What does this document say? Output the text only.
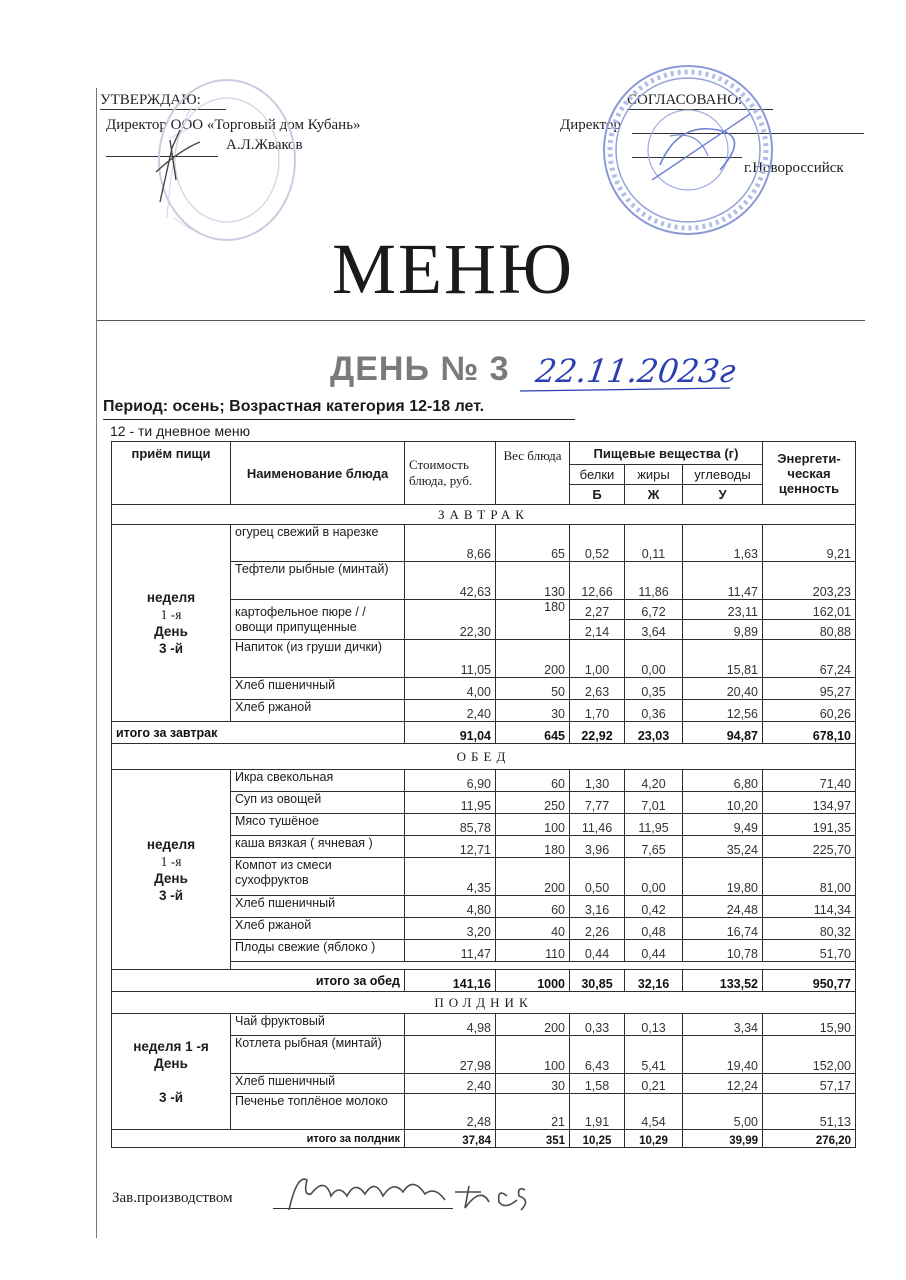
УТВЕРЖДАЮ:
Директор ООО «Торговый дом Кубань»
А.Л.Жваков
СОГЛАСОВАНО:
Директор
г.Новороссийск
МЕНЮ
ДЕНЬ № 3 22.11.2023г
Период: осень; Возрастная категория 12-18 лет.
12 - ти дневное меню
приём пищи	Наименование блюда	Стоимость блюда, руб.	Вес блюда	Пищевые вещества (г)			Энергети-ческая ценность
				белки	жиры	углеводы	
				Б	Ж	У	
ЗАВТРАК							
неделя
1 -я
День
3 -й	огурец свежий в нарезке	8,66	65	0,52	0,11	1,63	9,21
	Тефтели рыбные (минтай)	42,63	130	12,66	11,86	11,47	203,23
	картофельное пюре / / овощи припущенные	22,30	180	2,27	6,72	23,11	162,01
				2,14	3,64	9,89	80,88
	Напиток (из груши дички)	11,05	200	1,00	0,00	15,81	67,24
	Хлеб пшеничный	4,00	50	2,63	0,35	20,40	95,27
	Хлеб ржаной	2,40	30	1,70	0,36	12,56	60,26
итого за завтрак		91,04	645	22,92	23,03	94,87	678,10
ОБЕД							
неделя
1 -я
День
3 -й	Икра свекольная	6,90	60	1,30	4,20	6,80	71,40
	Суп из овощей	11,95	250	7,77	7,01	10,20	134,97
	Мясо тушёное	85,78	100	11,46	11,95	9,49	191,35
	каша вязкая ( ячневая )	12,71	180	3,96	7,65	35,24	225,70
	Компот из смеси сухофруктов	4,35	200	0,50	0,00	19,80	81,00
	Хлеб пшеничный	4,80	60	3,16	0,42	24,48	114,34
	Хлеб ржаной	3,20	40	2,26	0,48	16,74	80,32
	Плоды свежие (яблоко )	11,47	110	0,44	0,44	10,78	51,70

итого за обед		141,16	1000	30,85	32,16	133,52	950,77
ПОЛДНИК							
неделя 1 -я
День

3 -й	Чай фруктовый	4,98	200	0,33	0,13	3,34	15,90
	Котлета рыбная (минтай)	27,98	100	6,43	5,41	19,40	152,00
	Хлеб пшеничный	2,40	30	1,58	0,21	12,24	57,17
	Печенье топлёное молоко	2,48	21	1,91	4,54	5,00	51,13
итого за полдник		37,84	351	10,25	10,29	39,99	276,20
Зав.производством
